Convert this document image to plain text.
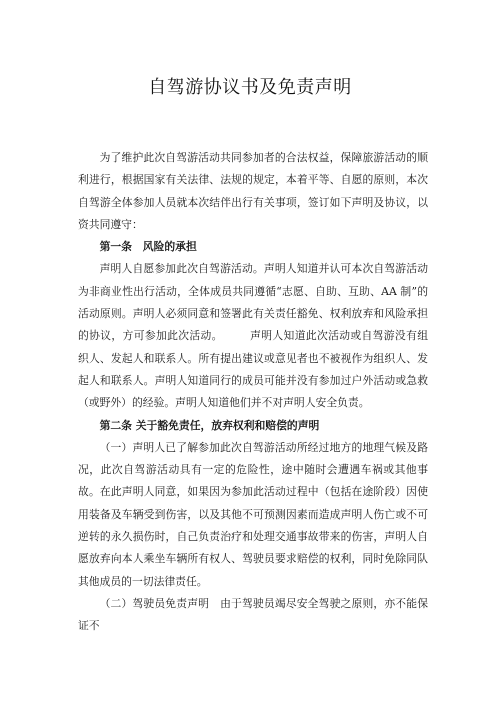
自驾游协议书及免责声明

为了维护此次自驾游活动共同参加者的合法权益，保障旅游活动的顺利进行，根据国家有关法律、法规的规定，本着平等、自愿的原则，本次自驾游全体参加人员就本次结伴出行有关事项，签订如下声明及协议，以资共同遵守：

第一条　风险的承担

声明人自愿参加此次自驾游活动。声明人知道并认可本次自驾游活动为非商业性出行活动，全体成员共同遵循“志愿、自助、互助、AA 制”的活动原则。声明人必须同意和签署此有关责任豁免、权利放弃和风险承担的协议，方可参加此次活动。	声明人知道此次活动或自驾游没有组织人、发起人和联系人。所有提出建议或意见者也不被视作为组织人、发起人和联系人。声明人知道同行的成员可能并没有参加过户外活动或急救（或野外）的经验。声明人知道他们并不对声明人安全负责。

第二条 关于豁免责任，放弃权利和赔偿的声明

（一）声明人已了解参加此次自驾游活动所经过地方的地理气候及路况，此次自驾游活动具有一定的危险性，途中随时会遭遇车祸或其他事故。在此声明人同意，如果因为参加此活动过程中（包括在途阶段）因使用装备及车辆受到伤害，以及其他不可预测因素而造成声明人伤亡或不可逆转的永久损伤时，自己负责治疗和处理交通事故带来的伤害，声明人自愿放弃向本人乘坐车辆所有权人、驾驶员要求赔偿的权利，同时免除同队其他成员的一切法律责任。

（二）驾驶员免责声明　由于驾驶员竭尽安全驾驶之原则，亦不能保证不
